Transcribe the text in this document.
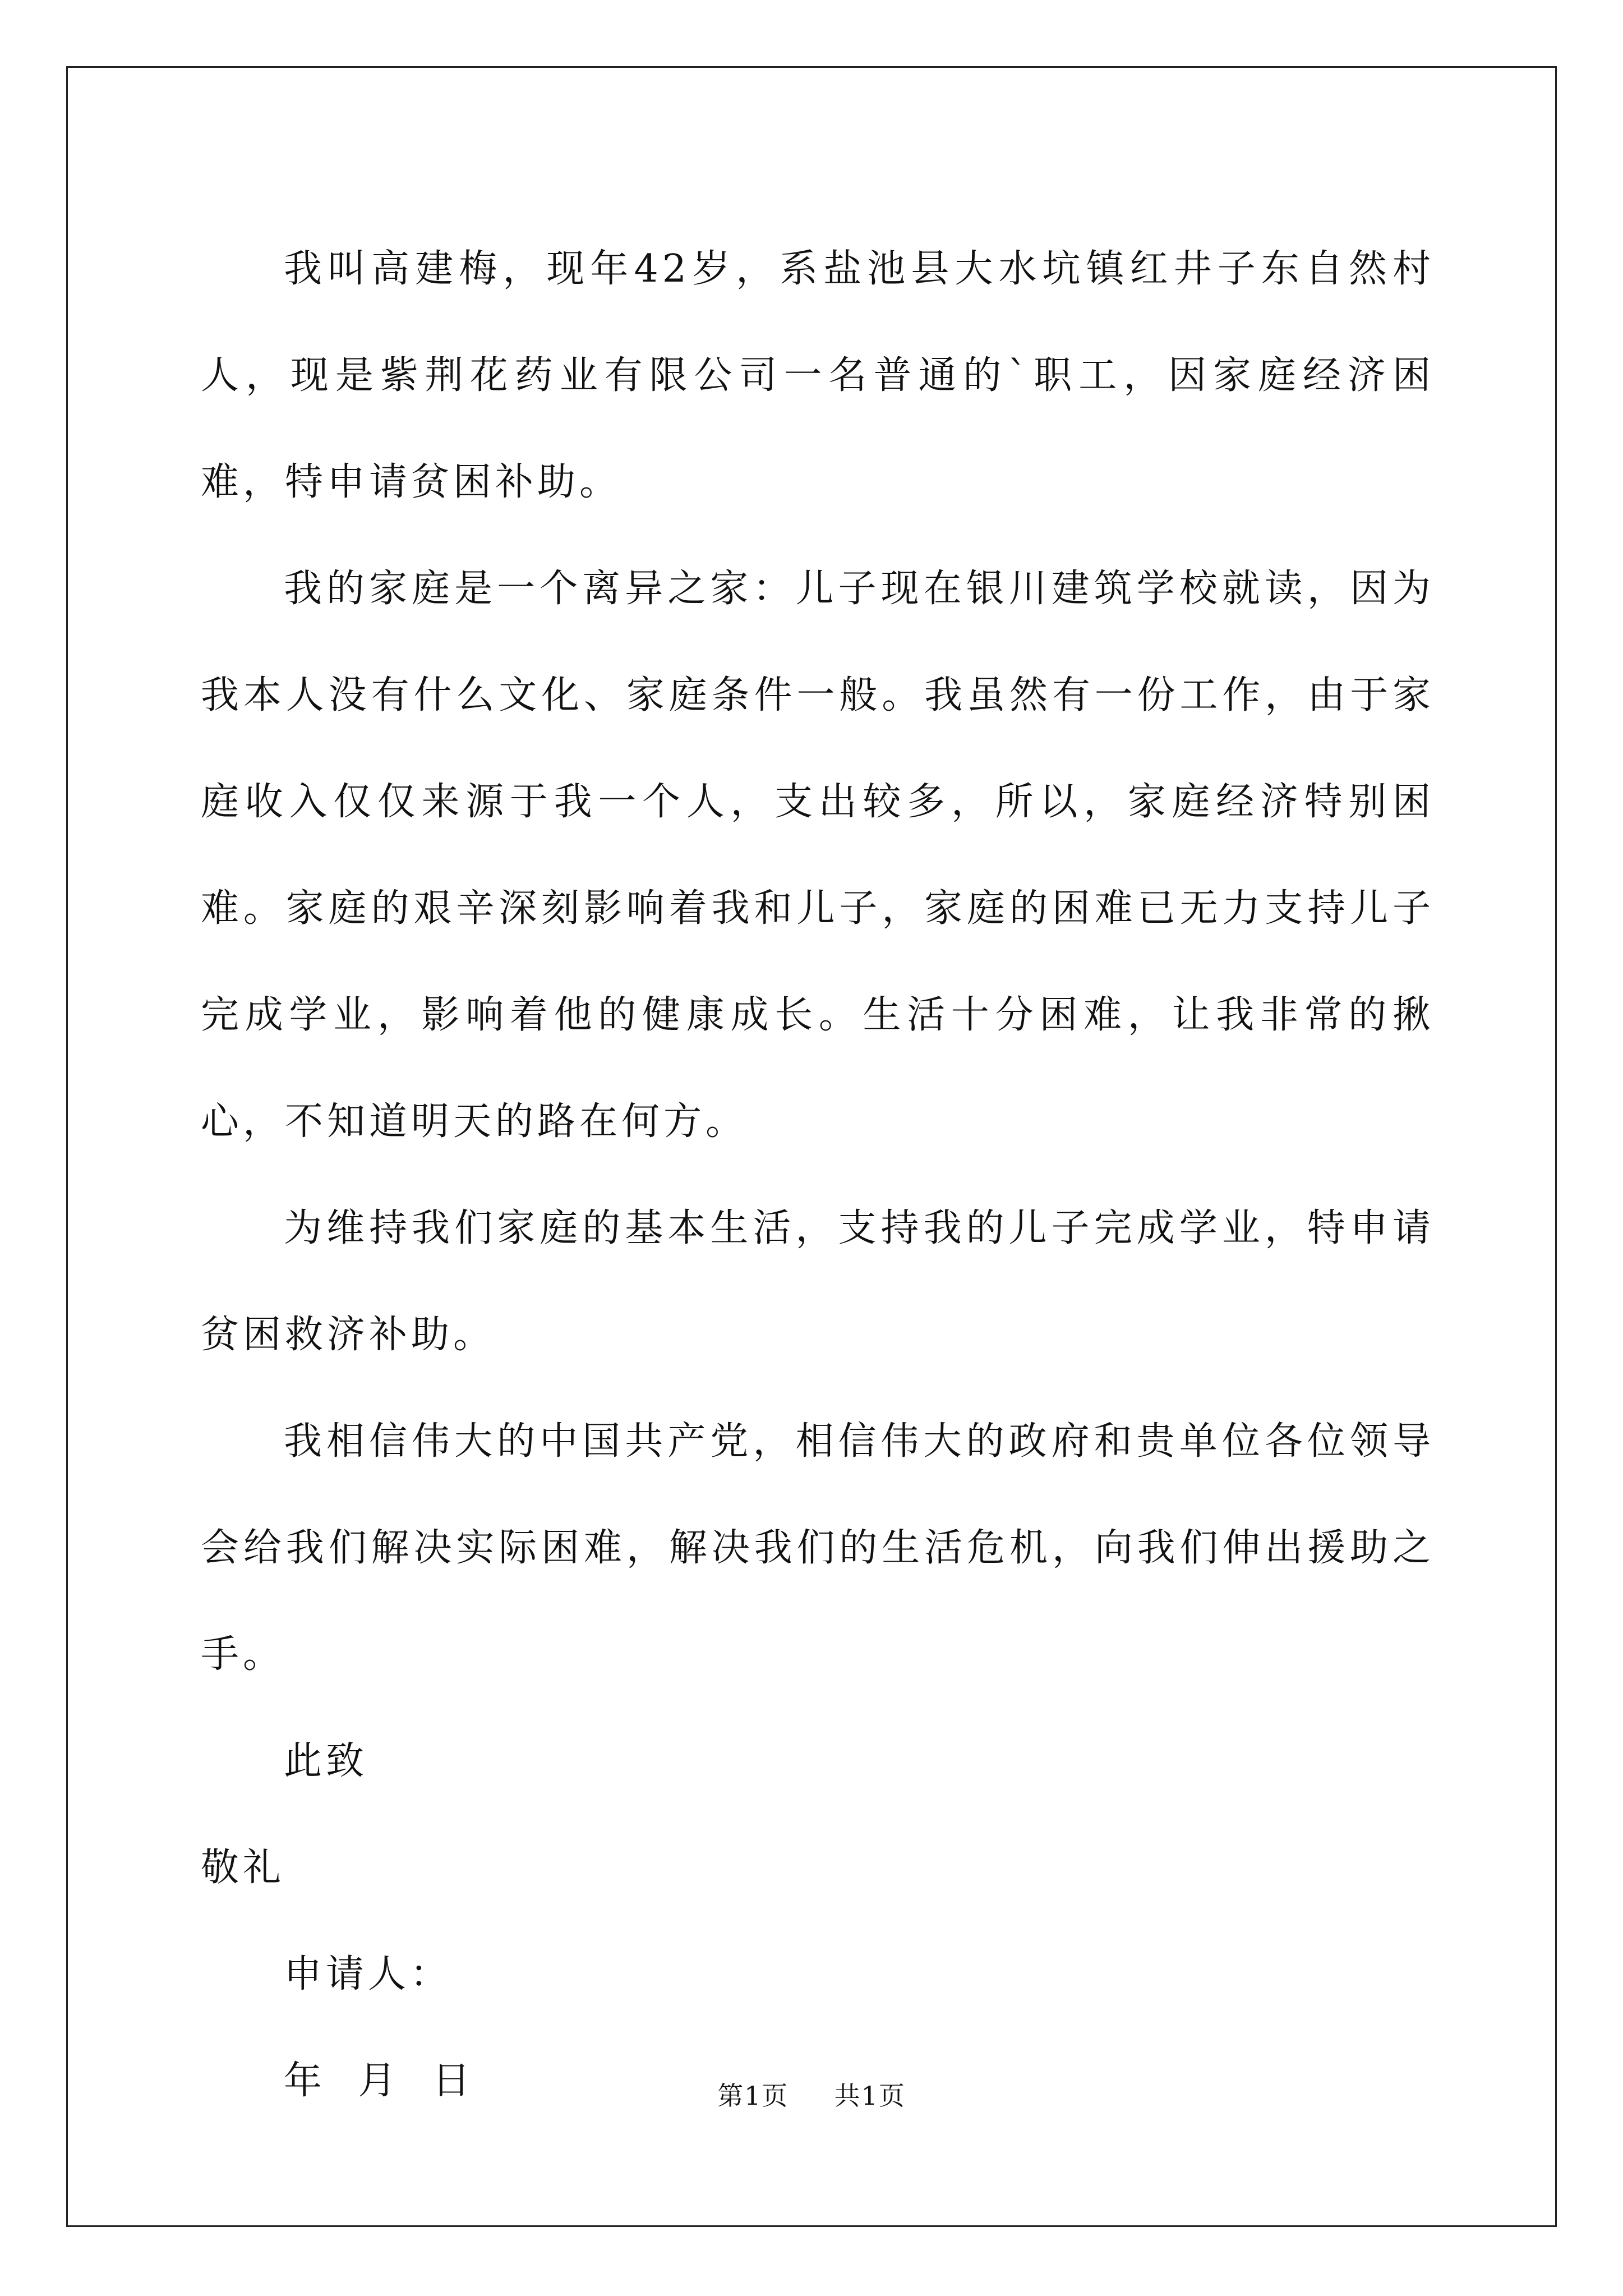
我叫高建梅，现年42岁，系盐池县大水坑镇红井子东自然村人，现是紫荆花药业有限公司一名普通的`职工，因家庭经济困难，特申请贫困补助。

我的家庭是一个离异之家：儿子现在银川建筑学校就读，因为我本人没有什么文化、家庭条件一般。我虽然有一份工作，由于家庭收入仅仅来源于我一个人，支出较多，所以，家庭经济特别困难。家庭的艰辛深刻影响着我和儿子，家庭的困难已无力支持儿子完成学业，影响着他的健康成长。生活十分困难，让我非常的揪心，不知道明天的路在何方。

为维持我们家庭的基本生活，支持我的儿子完成学业，特申请贫困救济补助。

我相信伟大的中国共产党，相信伟大的政府和贵单位各位领导会给我们解决实际困难，解决我们的生活危机，向我们伸出援助之手。

此致

敬礼

申请人：

年  月  日	第1页 共1页
